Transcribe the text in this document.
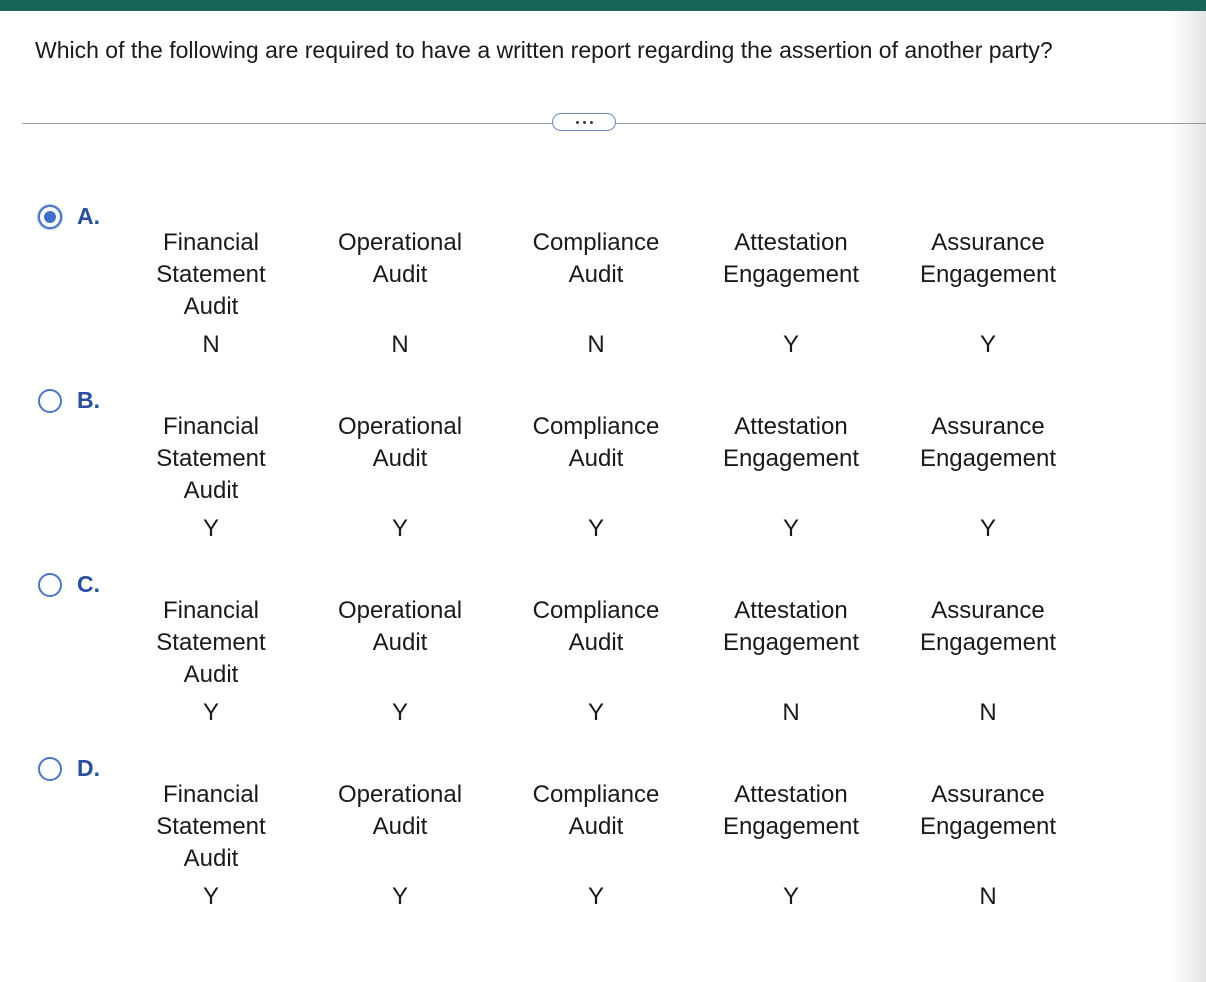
Which of the following are required to have a written report regarding the assertion of another party?
A.
Financial
Statement
Audit
N
Operational
Audit
N
Compliance
Audit
N
Attestation
Engagement
Y
Assurance
Engagement
Y
B.
Financial
Statement
Audit
Y
Operational
Audit
Y
Compliance
Audit
Y
Attestation
Engagement
Y
Assurance
Engagement
Y
C.
Financial
Statement
Audit
Y
Operational
Audit
Y
Compliance
Audit
Y
Attestation
Engagement
N
Assurance
Engagement
N
D.
Financial
Statement
Audit
Y
Operational
Audit
Y
Compliance
Audit
Y
Attestation
Engagement
Y
Assurance
Engagement
N
